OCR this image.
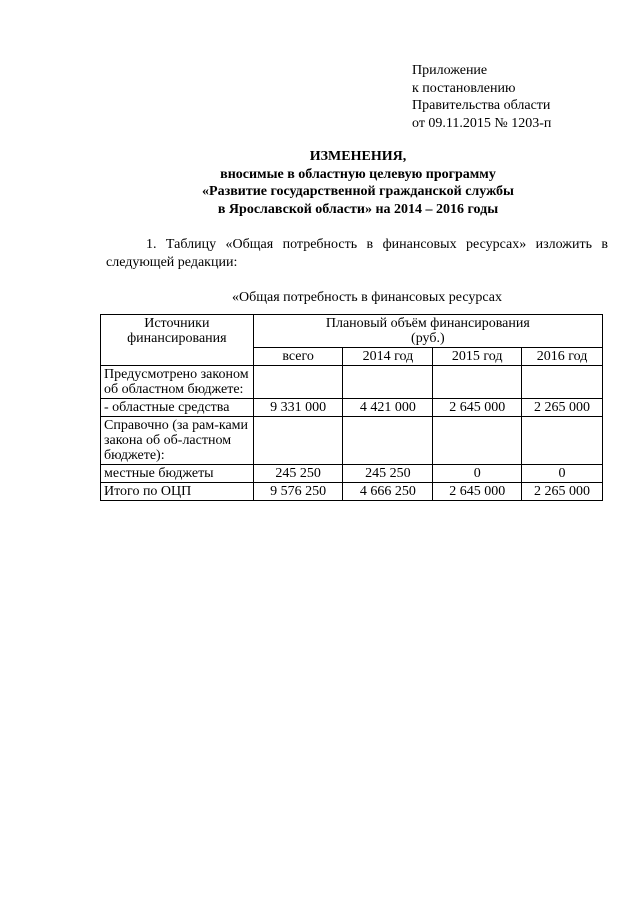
Приложение
к постановлению
Правительства области
от 09.11.2015 № 1203-п
ИЗМЕНЕНИЯ,
вносимые в областную целевую программу
«Развитие государственной гражданской службы
в Ярославской области» на 2014 – 2016 годы
1. Таблицу «Общая потребность в финансовых ресурсах» изложить в следующей редакции:
«Общая потребность в финансовых ресурсах
Источники финансирования	Плановый объём финансирования
(руб.)			

	всего	2014 год	2015 год	2016 год
Предусмотрено законом об областном бюджете:				
- областные средства	9 331 000	4 421 000	2 645 000	2 265 000
Справочно (за рам-ками закона об об-ластном бюджете):				
местные бюджеты	245 250	245 250	0	0
Итого по ОЦП	9 576 250	4 666 250	2 645 000	2 265 000
